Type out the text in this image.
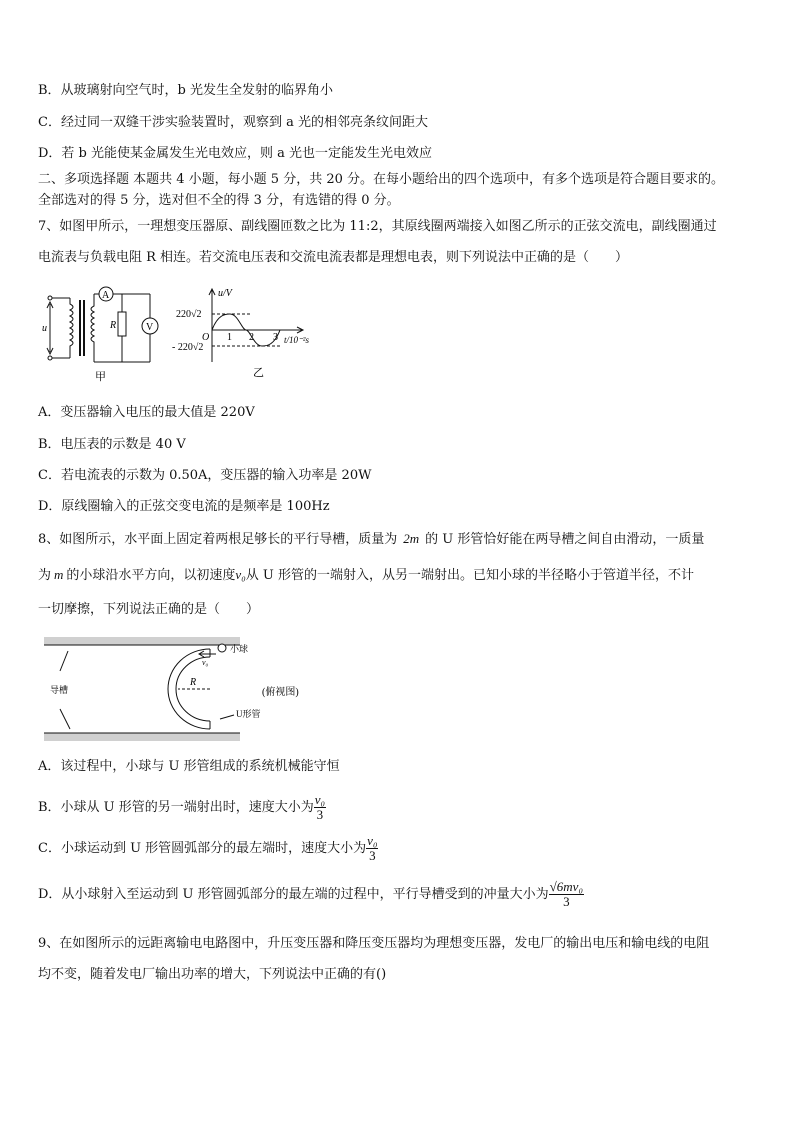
B．从玻璃射向空气时，b 光发生全发射的临界角小
C．经过同一双缝干涉实验装置时，观察到 a 光的相邻亮条纹间距大
D．若 b 光能使某金属发生光电效应，则 a 光也一定能发生光电效应
二、多项选择题 本题共 4 小题，每小题 5 分，共 20 分。在每小题给出的四个选项中，有多个选项是符合题目要求的。
全部选对的得 5 分，选对但不全的得 3 分，有选错的得 0 分。
7、如图甲所示，一理想变压器原、副线圈匝数之比为 11:2，其原线圈两端接入如图乙所示的正弦交流电，副线圈通过
电流表与负载电阻 R 相连。若交流电压表和交流电流表都是理想电表，则下列说法中正确的是（　　）
u
A
R	V
甲
u/V
220√2
- 220√2
O 1 2 3 t/10⁻²s
乙
A．变压器输入电压的最大值是 220V
B．电压表的示数是 40 V
C．若电流表的示数为 0.50A，变压器的输入功率是 20W
D．原线圈输入的正弦交变电流的是频率是 100Hz
8、如图所示，水平面上固定着两根足够长的平行导槽，质量为 2m 的 U 形管恰好能在两导槽之间自由滑动，一质量
为 m 的小球沿水平方向，以初速度v₀从 U 形管的一端射入，从另一端射出。已知小球的半径略小于管道半径，不计
一切摩擦，下列说法正确的是（　　）
导槽
R
v₀
小球
U形管
(俯视图)
A．该过程中，小球与 U 形管组成的系统机械能守恒
B．小球从 U 形管的另一端射出时，速度大小为 $\frac{\text{v₀}}{3}$
C．小球运动到 U 形管圆弧部分的最左端时，速度大小为 $\frac{\text{v₀}}{3}$
D．从小球射入至运动到 U 形管圆弧部分的最左端的过程中，平行导槽受到的冲量大小为 $\frac{\text{√6mv₀}}{3}$
9、在如图所示的远距离输电电路图中，升压变压器和降压变压器均为理想变压器，发电厂的输出电压和输电线的电阻
均不变，随着发电厂输出功率的增大，下列说法中正确的有()
